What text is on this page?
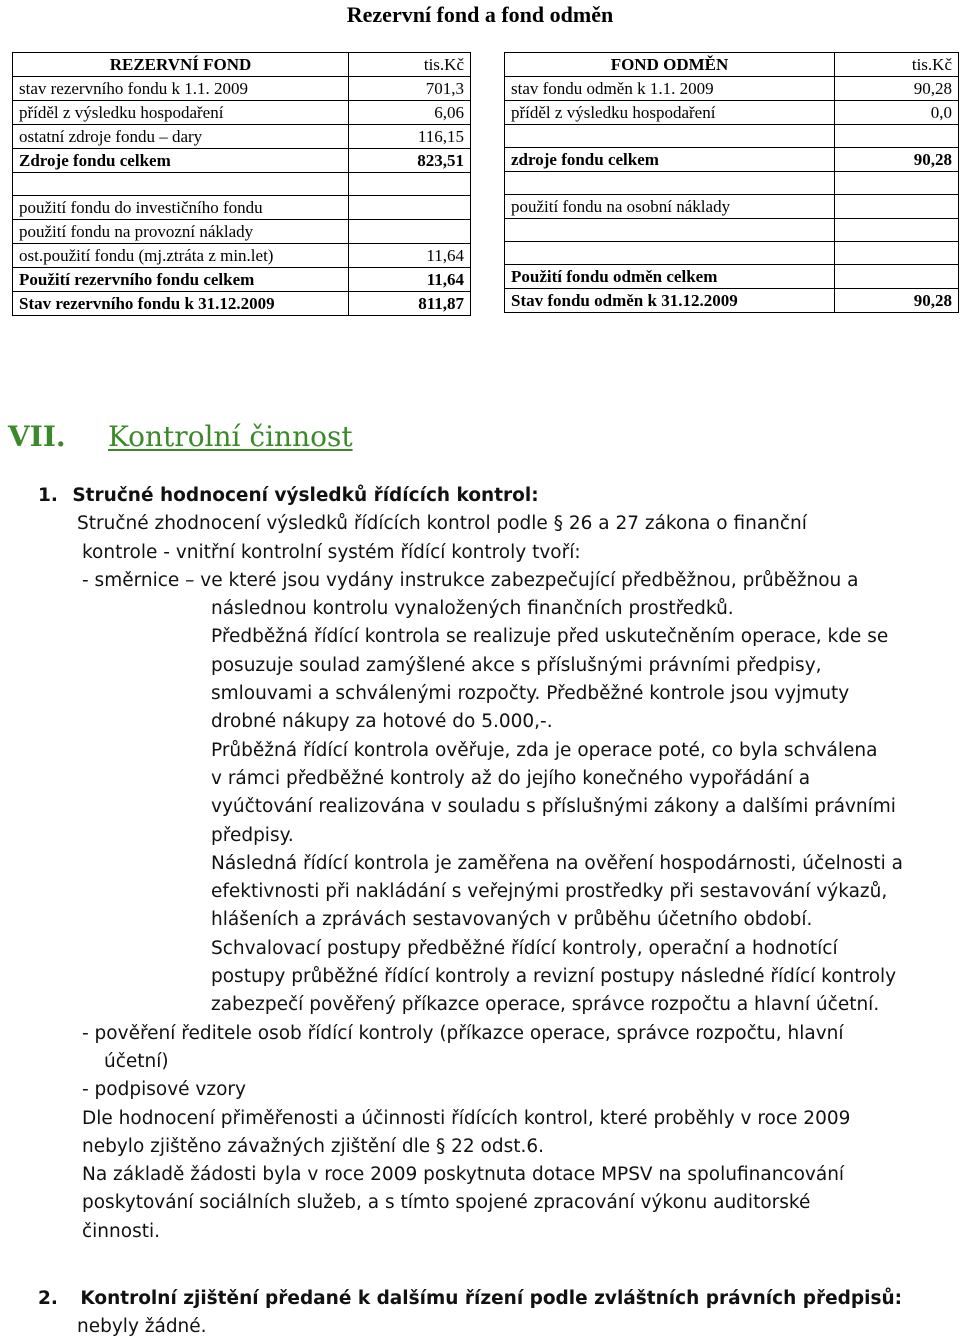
Rezervní fond a fond odměn
REZERVNÍ FOND	tis.Kč
stav rezervního fondu k 1.1. 2009	701,3
příděl z výsledku hospodaření	6,06
ostatní zdroje fondu – dary	116,15
Zdroje fondu celkem	823,51

použití fondu do investičního fondu	
použití fondu na provozní náklady	
ost.použití fondu (mj.ztráta z min.let)	11,64
Použití rezervního fondu celkem	11,64
Stav rezervního fondu k 31.12.2009	811,87
FOND ODMĚN	tis.Kč
stav fondu odměn k 1.1. 2009	90,28
příděl z výsledku hospodaření	0,0

zdroje fondu celkem	90,28

použití fondu na osobní náklady	

Použití fondu odměn celkem	
Stav fondu odměn k 31.12.2009	90,28
VII. Kontrolní činnost
1. Stručné hodnocení výsledků řídících kontrol:
Stručné zhodnocení výsledků řídících kontrol podle § 26 a 27 zákona o finanční
kontrole - vnitřní kontrolní systém řídící kontroly tvoří:
- směrnice – ve které jsou vydány instrukce zabezpečující předběžnou, průběžnou a
následnou kontrolu vynaložených finančních prostředků.
Předběžná řídící kontrola se realizuje před uskutečněním operace, kde se
posuzuje soulad zamýšlené akce s příslušnými právními předpisy,
smlouvami a schválenými rozpočty. Předběžné kontrole jsou vyjmuty
drobné nákupy za hotové do 5.000,-.
Průběžná řídící kontrola ověřuje, zda je operace poté, co byla schválena
v rámci předběžné kontroly až do jejího konečného vypořádání a
vyúčtování realizována v souladu s příslušnými zákony a dalšími právními
předpisy.
Následná řídící kontrola je zaměřena na ověření hospodárnosti, účelnosti a
efektivnosti při nakládání s veřejnými prostředky při sestavování výkazů,
hlášeních a zprávách sestavovaných v průběhu účetního období.
Schvalovací postupy předběžné řídící kontroly, operační a hodnotící
postupy průběžné řídící kontroly a revizní postupy následné řídící kontroly
zabezpečí pověřený příkazce operace, správce rozpočtu a hlavní účetní.
- pověření ředitele osob řídící kontroly (příkazce operace, správce rozpočtu, hlavní
účetní)
- podpisové vzory
Dle hodnocení přiměřenosti a účinnosti řídících kontrol, které proběhly v roce 2009
nebylo zjištěno závažných zjištění dle § 22 odst.6.
Na základě žádosti byla v roce 2009 poskytnuta dotace MPSV na spolufinancování
poskytování sociálních služeb, a s tímto spojené zpracování výkonu auditorské
činnosti.
2. Kontrolní zjištění předané k dalšímu řízení podle zvláštních právních předpisů:
nebyly žádné.
